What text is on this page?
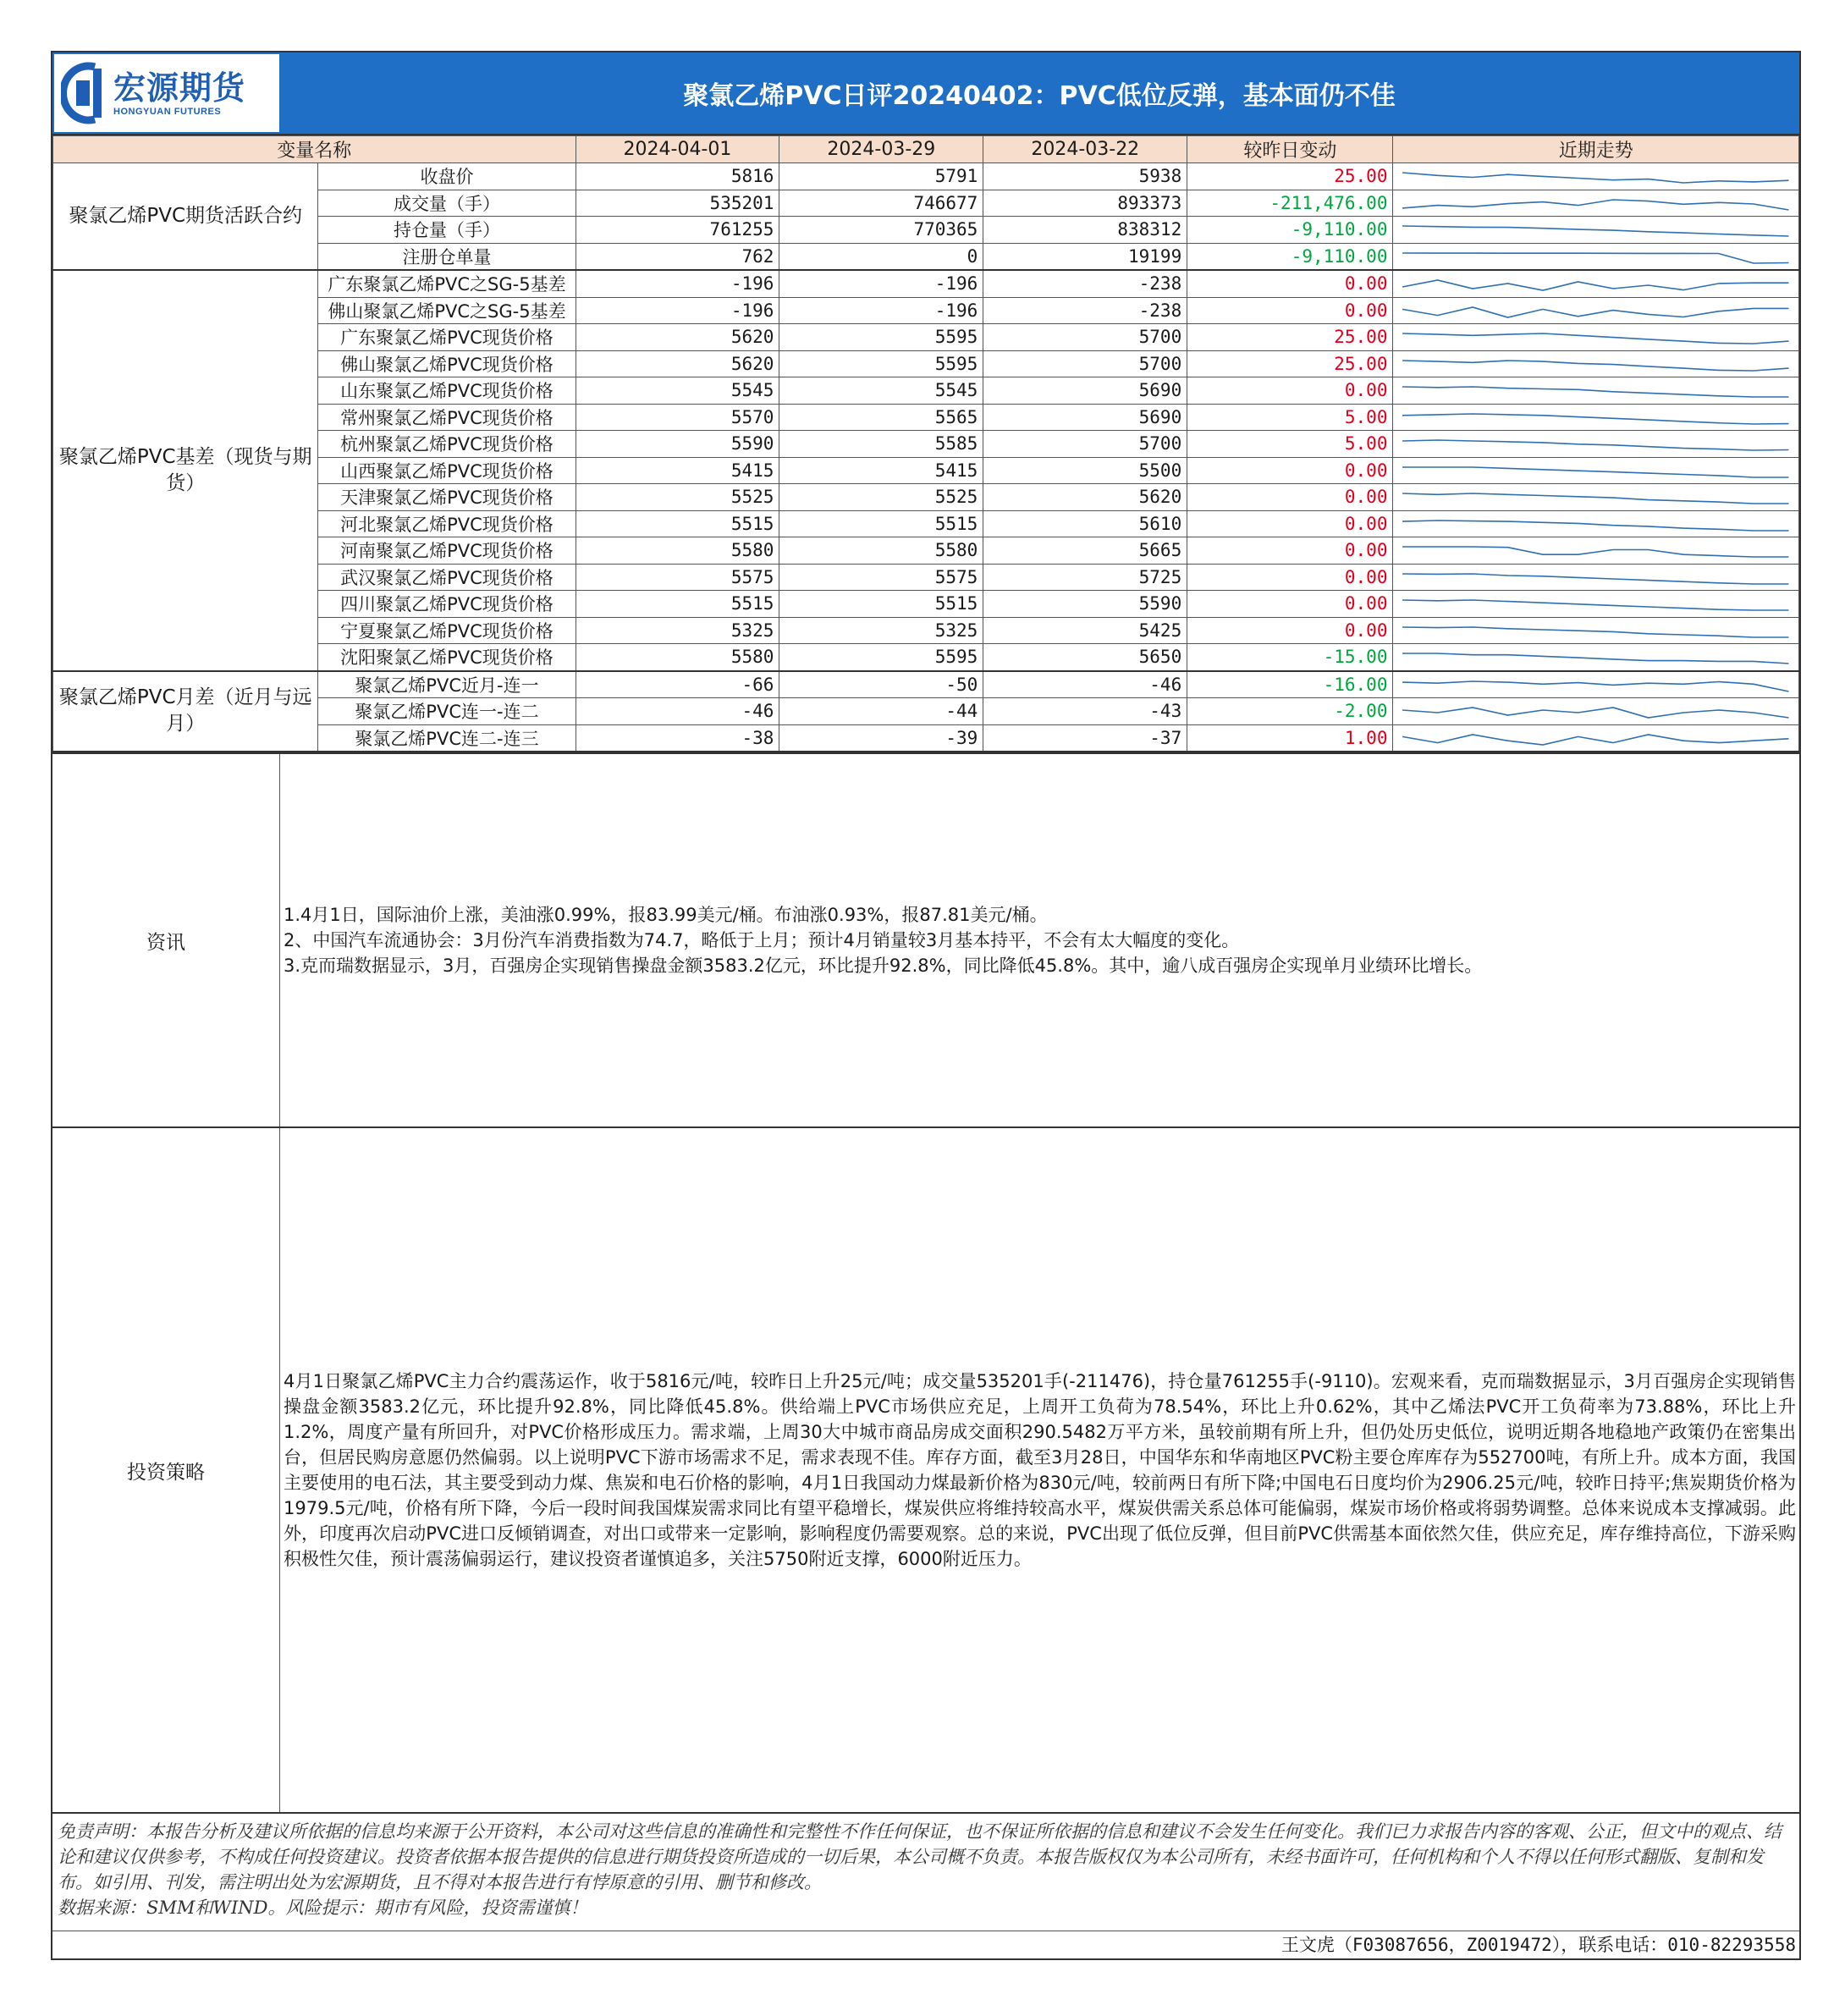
宏源期货
HONGYUAN FUTURES
聚氯乙烯PVC日评20240402：PVC低位反弹，基本面仍不佳
变量名称		2024-04-01	2024-03-29	2024-03-22	较昨日变动	近期走势
聚氯乙烯PVC期货活跃合约	收盘价	5816	5791	5938	25.00	

	成交量（手）	535201	746677	893373	-211,476.00	

	持仓量（手）	761255	770365	838312	-9,110.00	

	注册仓单量	762	0	19199	-9,110.00	

聚氯乙烯PVC基差（现货与期货）	广东聚氯乙烯PVC之SG-5基差	-196	-196	-238	0.00	

	佛山聚氯乙烯PVC之SG-5基差	-196	-196	-238	0.00	

	广东聚氯乙烯PVC现货价格	5620	5595	5700	25.00	

	佛山聚氯乙烯PVC现货价格	5620	5595	5700	25.00	

	山东聚氯乙烯PVC现货价格	5545	5545	5690	0.00	

	常州聚氯乙烯PVC现货价格	5570	5565	5690	5.00	

	杭州聚氯乙烯PVC现货价格	5590	5585	5700	5.00	

	山西聚氯乙烯PVC现货价格	5415	5415	5500	0.00	

	天津聚氯乙烯PVC现货价格	5525	5525	5620	0.00	

	河北聚氯乙烯PVC现货价格	5515	5515	5610	0.00	

	河南聚氯乙烯PVC现货价格	5580	5580	5665	0.00	

	武汉聚氯乙烯PVC现货价格	5575	5575	5725	0.00	

	四川聚氯乙烯PVC现货价格	5515	5515	5590	0.00	

	宁夏聚氯乙烯PVC现货价格	5325	5325	5425	0.00	

	沈阳聚氯乙烯PVC现货价格	5580	5595	5650	-15.00	

聚氯乙烯PVC月差（近月与远月）	聚氯乙烯PVC近月-连一	-66	-50	-46	-16.00	

	聚氯乙烯PVC连一-连二	-46	-44	-43	-2.00	

	聚氯乙烯PVC连二-连三	-38	-39	-37	1.00	
资讯
1.4月1日，国际油价上涨，美油涨0.99%，报83.99美元/桶。布油涨0.93%，报87.81美元/桶。
2、中国汽车流通协会：3月份汽车消费指数为74.7，略低于上月；预计4月销量较3月基本持平，不会有太大幅度的变化。
3.克而瑞数据显示，3月，百强房企实现销售操盘金额3583.2亿元，环比提升92.8%，同比降低45.8%。其中，逾八成百强房企实现单月业绩环比增长。
投资策略
4月1日聚氯乙烯PVC主力合约震荡运作，收于5816元/吨，较昨日上升25元/吨；成交量535201手(-211476)，持仓量761255手(-9110)。宏观来看，克而瑞数据显示，3月百强房企实现销售操盘金额3583.2亿元，环比提升92.8%，同比降低45.8%。供给端上PVC市场供应充足，上周开工负荷为78.54%，环比上升0.62%，其中乙烯法PVC开工负荷率为73.88%，环比上升1.2%，周度产量有所回升，对PVC价格形成压力。需求端，上周30大中城市商品房成交面积290.5482万平方米，虽较前期有所上升，但仍处历史低位，说明近期各地稳地产政策仍在密集出台，但居民购房意愿仍然偏弱。以上说明PVC下游市场需求不足，需求表现不佳。库存方面，截至3月28日，中国华东和华南地区PVC粉主要仓库库存为552700吨，有所上升。成本方面，我国主要使用的电石法，其主要受到动力煤、焦炭和电石价格的影响，4月1日我国动力煤最新价格为830元/吨，较前两日有所下降;中国电石日度均价为2906.25元/吨，较昨日持平;焦炭期货价格为1979.5元/吨，价格有所下降，今后一段时间我国煤炭需求同比有望平稳增长，煤炭供应将维持较高水平，煤炭供需关系总体可能偏弱，煤炭市场价格或将弱势调整。总体来说成本支撑减弱。此外，印度再次启动PVC进口反倾销调查，对出口或带来一定影响，影响程度仍需要观察。总的来说，PVC出现了低位反弹，但目前PVC供需基本面依然欠佳，供应充足，库存维持高位，下游采购积极性欠佳，预计震荡偏弱运行，建议投资者谨慎追多，关注5750附近支撑，6000附近压力。
免责声明：本报告分析及建议所依据的信息均来源于公开资料，本公司对这些信息的准确性和完整性不作任何保证，也不保证所依据的信息和建议不会发生任何变化。我们已力求报告内容的客观、公正，但文中的观点、结论和建议仅供参考，不构成任何投资建议。投资者依据本报告提供的信息进行期货投资所造成的一切后果，本公司概不负责。本报告版权仅为本公司所有，未经书面许可，任何机构和个人不得以任何形式翻版、复制和发布。如引用、刊发，需注明出处为宏源期货，且不得对本报告进行有悖原意的引用、删节和修改。
数据来源：SMM和WIND。风险提示：期市有风险，投资需谨慎！
王文虎（F03087656，Z0019472），联系电话：010-82293558
